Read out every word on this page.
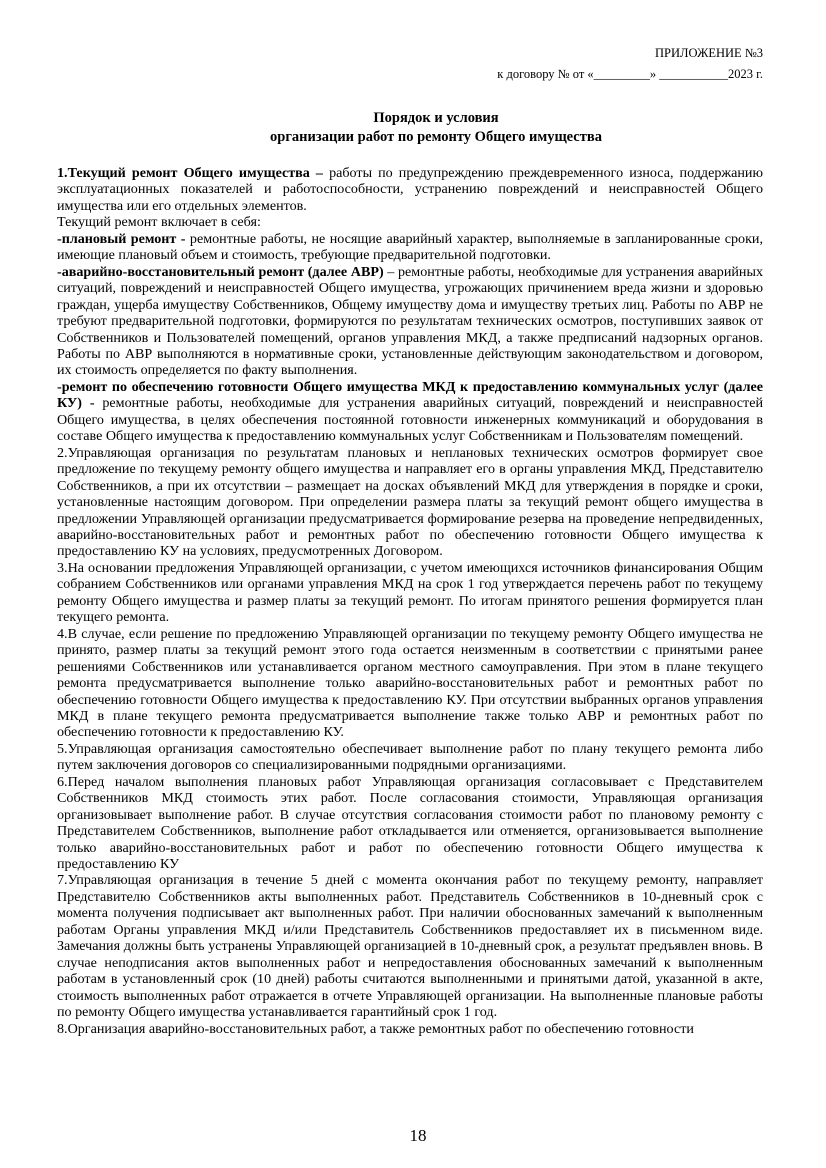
ПРИЛОЖЕНИЕ №3
к договору № от «_________» ___________2023 г.
Порядок и условия
организации работ по ремонту Общего имущества

1.Текущий ремонт Общего имущества – работы по предупреждению преждевременного износа, поддержанию эксплуатационных показателей и работоспособности, устранению повреждений и неисправностей Общего имущества или его отдельных элементов.

Текущий ремонт включает в себя:

-плановый ремонт - ремонтные работы, не носящие аварийный характер, выполняемые в запланированные сроки, имеющие плановый объем и стоимость, требующие предварительной подготовки.

-аварийно-восстановительный ремонт (далее АВР) – ремонтные работы, необходимые для устранения аварийных ситуаций, повреждений и неисправностей Общего имущества, угрожающих причинением вреда жизни и здоровью граждан, ущерба имуществу Собственников, Общему имуществу дома и имуществу третьих лиц. Работы по АВР не требуют предварительной подготовки, формируются по результатам технических осмотров, поступивших заявок от Собственников и Пользователей помещений, органов управления МКД, а также предписаний надзорных органов. Работы по АВР выполняются в нормативные сроки, установленные действующим законодательством и договором, их стоимость определяется по факту выполнения.

-ремонт по обеспечению готовности Общего имущества МКД к предоставлению коммунальных услуг (далее КУ) - ремонтные работы, необходимые для устранения аварийных ситуаций, повреждений и неисправностей Общего имущества, в целях обеспечения постоянной готовности инженерных коммуникаций и оборудования в составе Общего имущества к предоставлению коммунальных услуг Собственникам и Пользователям помещений.

2.Управляющая организация по результатам плановых и неплановых технических осмотров формирует свое предложение по текущему ремонту общего имущества и направляет его в органы управления МКД, Представителю Собственников, а при их отсутствии – размещает на досках объявлений МКД для утверждения в порядке и сроки, установленные настоящим договором. При определении размера платы за текущий ремонт общего имущества в предложении Управляющей организации предусматривается формирование резерва на проведение непредвиденных, аварийно-восстановительных работ и ремонтных работ по обеспечению готовности Общего имущества к предоставлению КУ на условиях, предусмотренных Договором.

3.На основании предложения Управляющей организации, с учетом имеющихся источников финансирования Общим собранием Собственников или органами управления МКД на срок 1 год утверждается перечень работ по текущему ремонту Общего имущества и размер платы за текущий ремонт. По итогам принятого решения формируется план текущего ремонта.

4.В случае, если решение по предложению Управляющей организации по текущему ремонту Общего имущества не принято, размер платы за текущий ремонт этого года остается неизменным в соответствии с принятыми ранее решениями Собственников или устанавливается органом местного самоуправления. При этом в плане текущего ремонта предусматривается выполнение только аварийно-восстановительных работ и ремонтных работ по обеспечению готовности Общего имущества к предоставлению КУ. При отсутствии выбранных органов управления МКД в плане текущего ремонта предусматривается выполнение также только АВР и ремонтных работ по обеспечению готовности к предоставлению КУ.

5.Управляющая организация самостоятельно обеспечивает выполнение работ по плану текущего ремонта либо путем заключения договоров со специализированными подрядными организациями.

6.Перед началом выполнения плановых работ Управляющая организация согласовывает с Представителем Собственников МКД стоимость этих работ. После согласования стоимости, Управляющая организация организовывает выполнение работ. В случае отсутствия согласования стоимости работ по плановому ремонту с Представителем Собственников, выполнение работ откладывается или отменяется, организовывается выполнение только аварийно-восстановительных работ и работ по обеспечению готовности Общего имущества к предоставлению КУ

7.Управляющая организация в течение 5 дней с момента окончания работ по текущему ремонту, направляет Представителю Собственников акты выполненных работ. Представитель Собственников в 10-дневный срок с момента получения подписывает акт выполненных работ. При наличии обоснованных замечаний к выполненным работам Органы управления МКД и/или Представитель Собственников предоставляет их в письменном виде. Замечания должны быть устранены Управляющей организацией в 10-дневный срок, а результат предъявлен вновь. В случае неподписания актов выполненных работ и непредоставления обоснованных замечаний к выполненным работам в установленный срок (10 дней) работы считаются выполненными и принятыми датой, указанной в акте, стоимость выполненных работ отражается в отчете Управляющей организации. На выполненные плановые работы по ремонту Общего имущества устанавливается гарантийный срок 1 год.

8.Организация аварийно-восстановительных работ, а также ремонтных работ по обеспечению готовности

18
